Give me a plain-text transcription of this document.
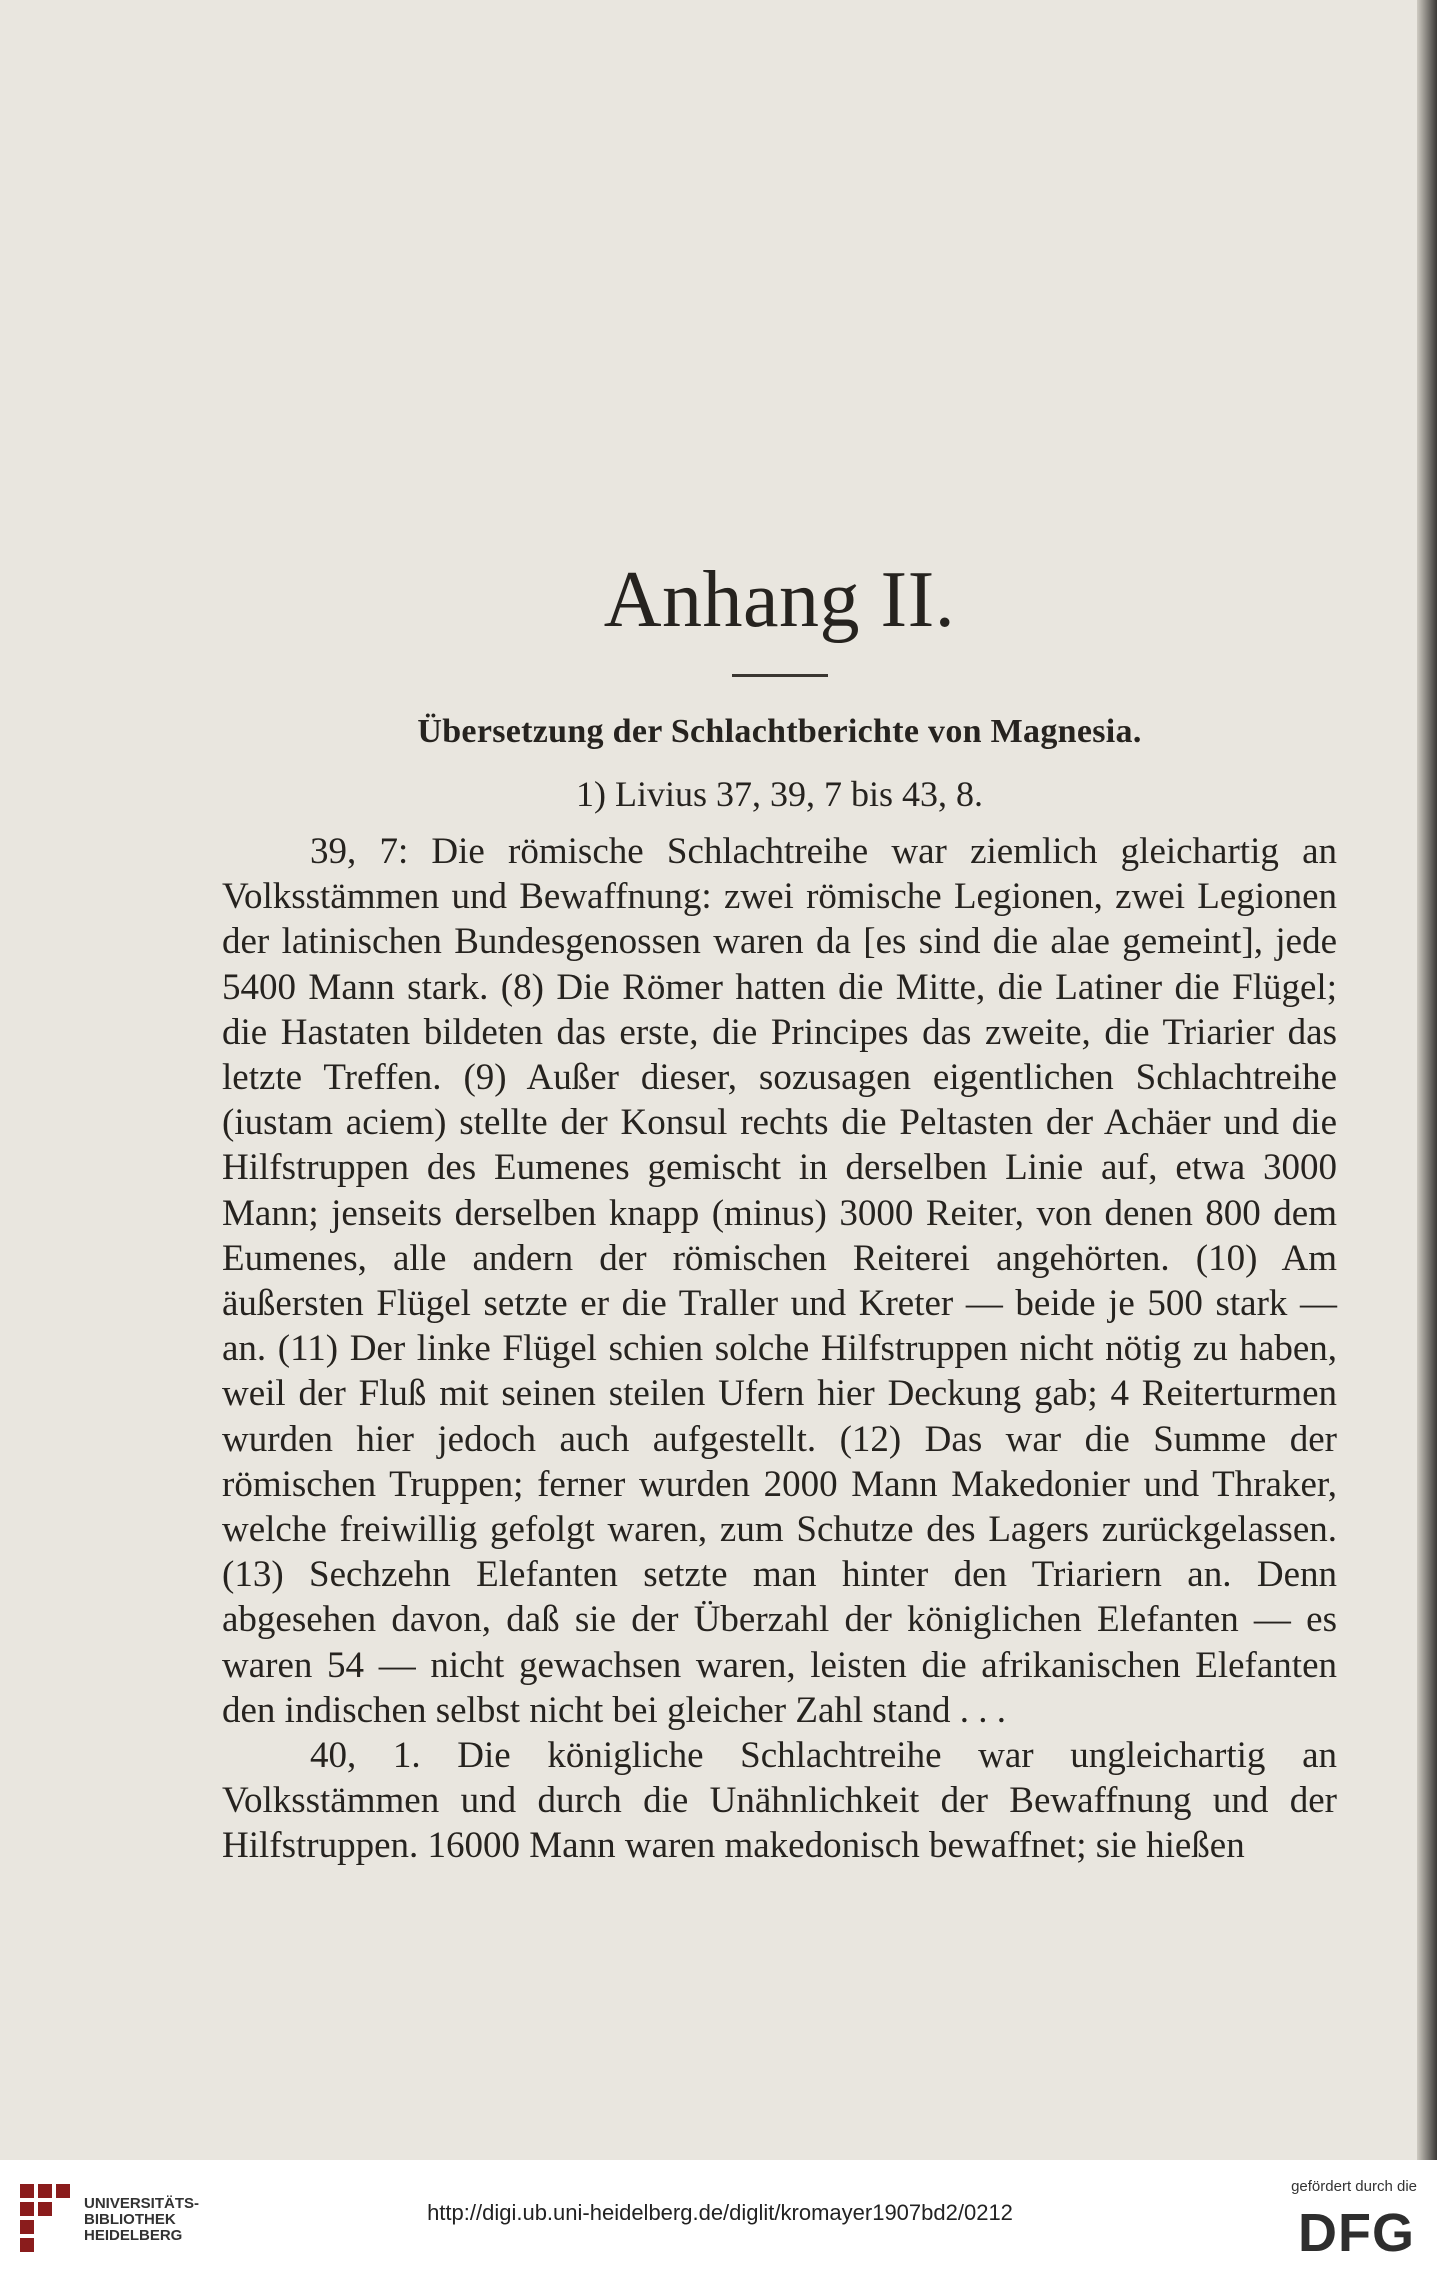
Anhang II.
Übersetzung der Schlachtberichte von Magnesia.

1) Livius 37, 39, 7 bis 43, 8.

39, 7: Die römische Schlachtreihe war ziemlich gleichartig an Volksstämmen und Bewaffnung: zwei römische Legionen, zwei Legionen der latinischen Bundesgenossen waren da [es sind die alae gemeint], jede 5400 Mann stark. (8) Die Römer hatten die Mitte, die Latiner die Flügel; die Hastaten bildeten das erste, die Principes das zweite, die Triarier das letzte Treffen. (9) Außer dieser, sozusagen eigentlichen Schlachtreihe (iustam aciem) stellte der Konsul rechts die Peltasten der Achäer und die Hilfstruppen des Eumenes gemischt in derselben Linie auf, etwa 3000 Mann; jenseits derselben knapp (minus) 3000 Reiter, von denen 800 dem Eumenes, alle andern der römischen Reiterei angehörten. (10) Am äußersten Flügel setzte er die Traller und Kreter — beide je 500 stark — an. (11) Der linke Flügel schien solche Hilfstruppen nicht nötig zu haben, weil der Fluß mit seinen steilen Ufern hier Deckung gab; 4 Reiterturmen wurden hier jedoch auch aufgestellt. (12) Das war die Summe der römischen Truppen; ferner wurden 2000 Mann Makedonier und Thraker, welche freiwillig gefolgt waren, zum Schutze des Lagers zurückgelassen. (13) Sechzehn Elefanten setzte man hinter den Triariern an. Denn abgesehen davon, daß sie der Überzahl der königlichen Elefanten — es waren 54 — nicht gewachsen waren, leisten die afrikanischen Elefanten den indischen selbst nicht bei gleicher Zahl stand . . .

40, 1. Die königliche Schlachtreihe war ungleichartig an Volksstämmen und durch die Unähnlichkeit der Bewaffnung und der Hilfstruppen. 16000 Mann waren makedonisch bewaffnet; sie hießen

UNIVERSITÄTS-
BIBLIOTHEK
HEIDELBERG
http://digi.ub.uni-heidelberg.de/diglit/kromayer1907bd2/0212
gefördert durch die
DFG
